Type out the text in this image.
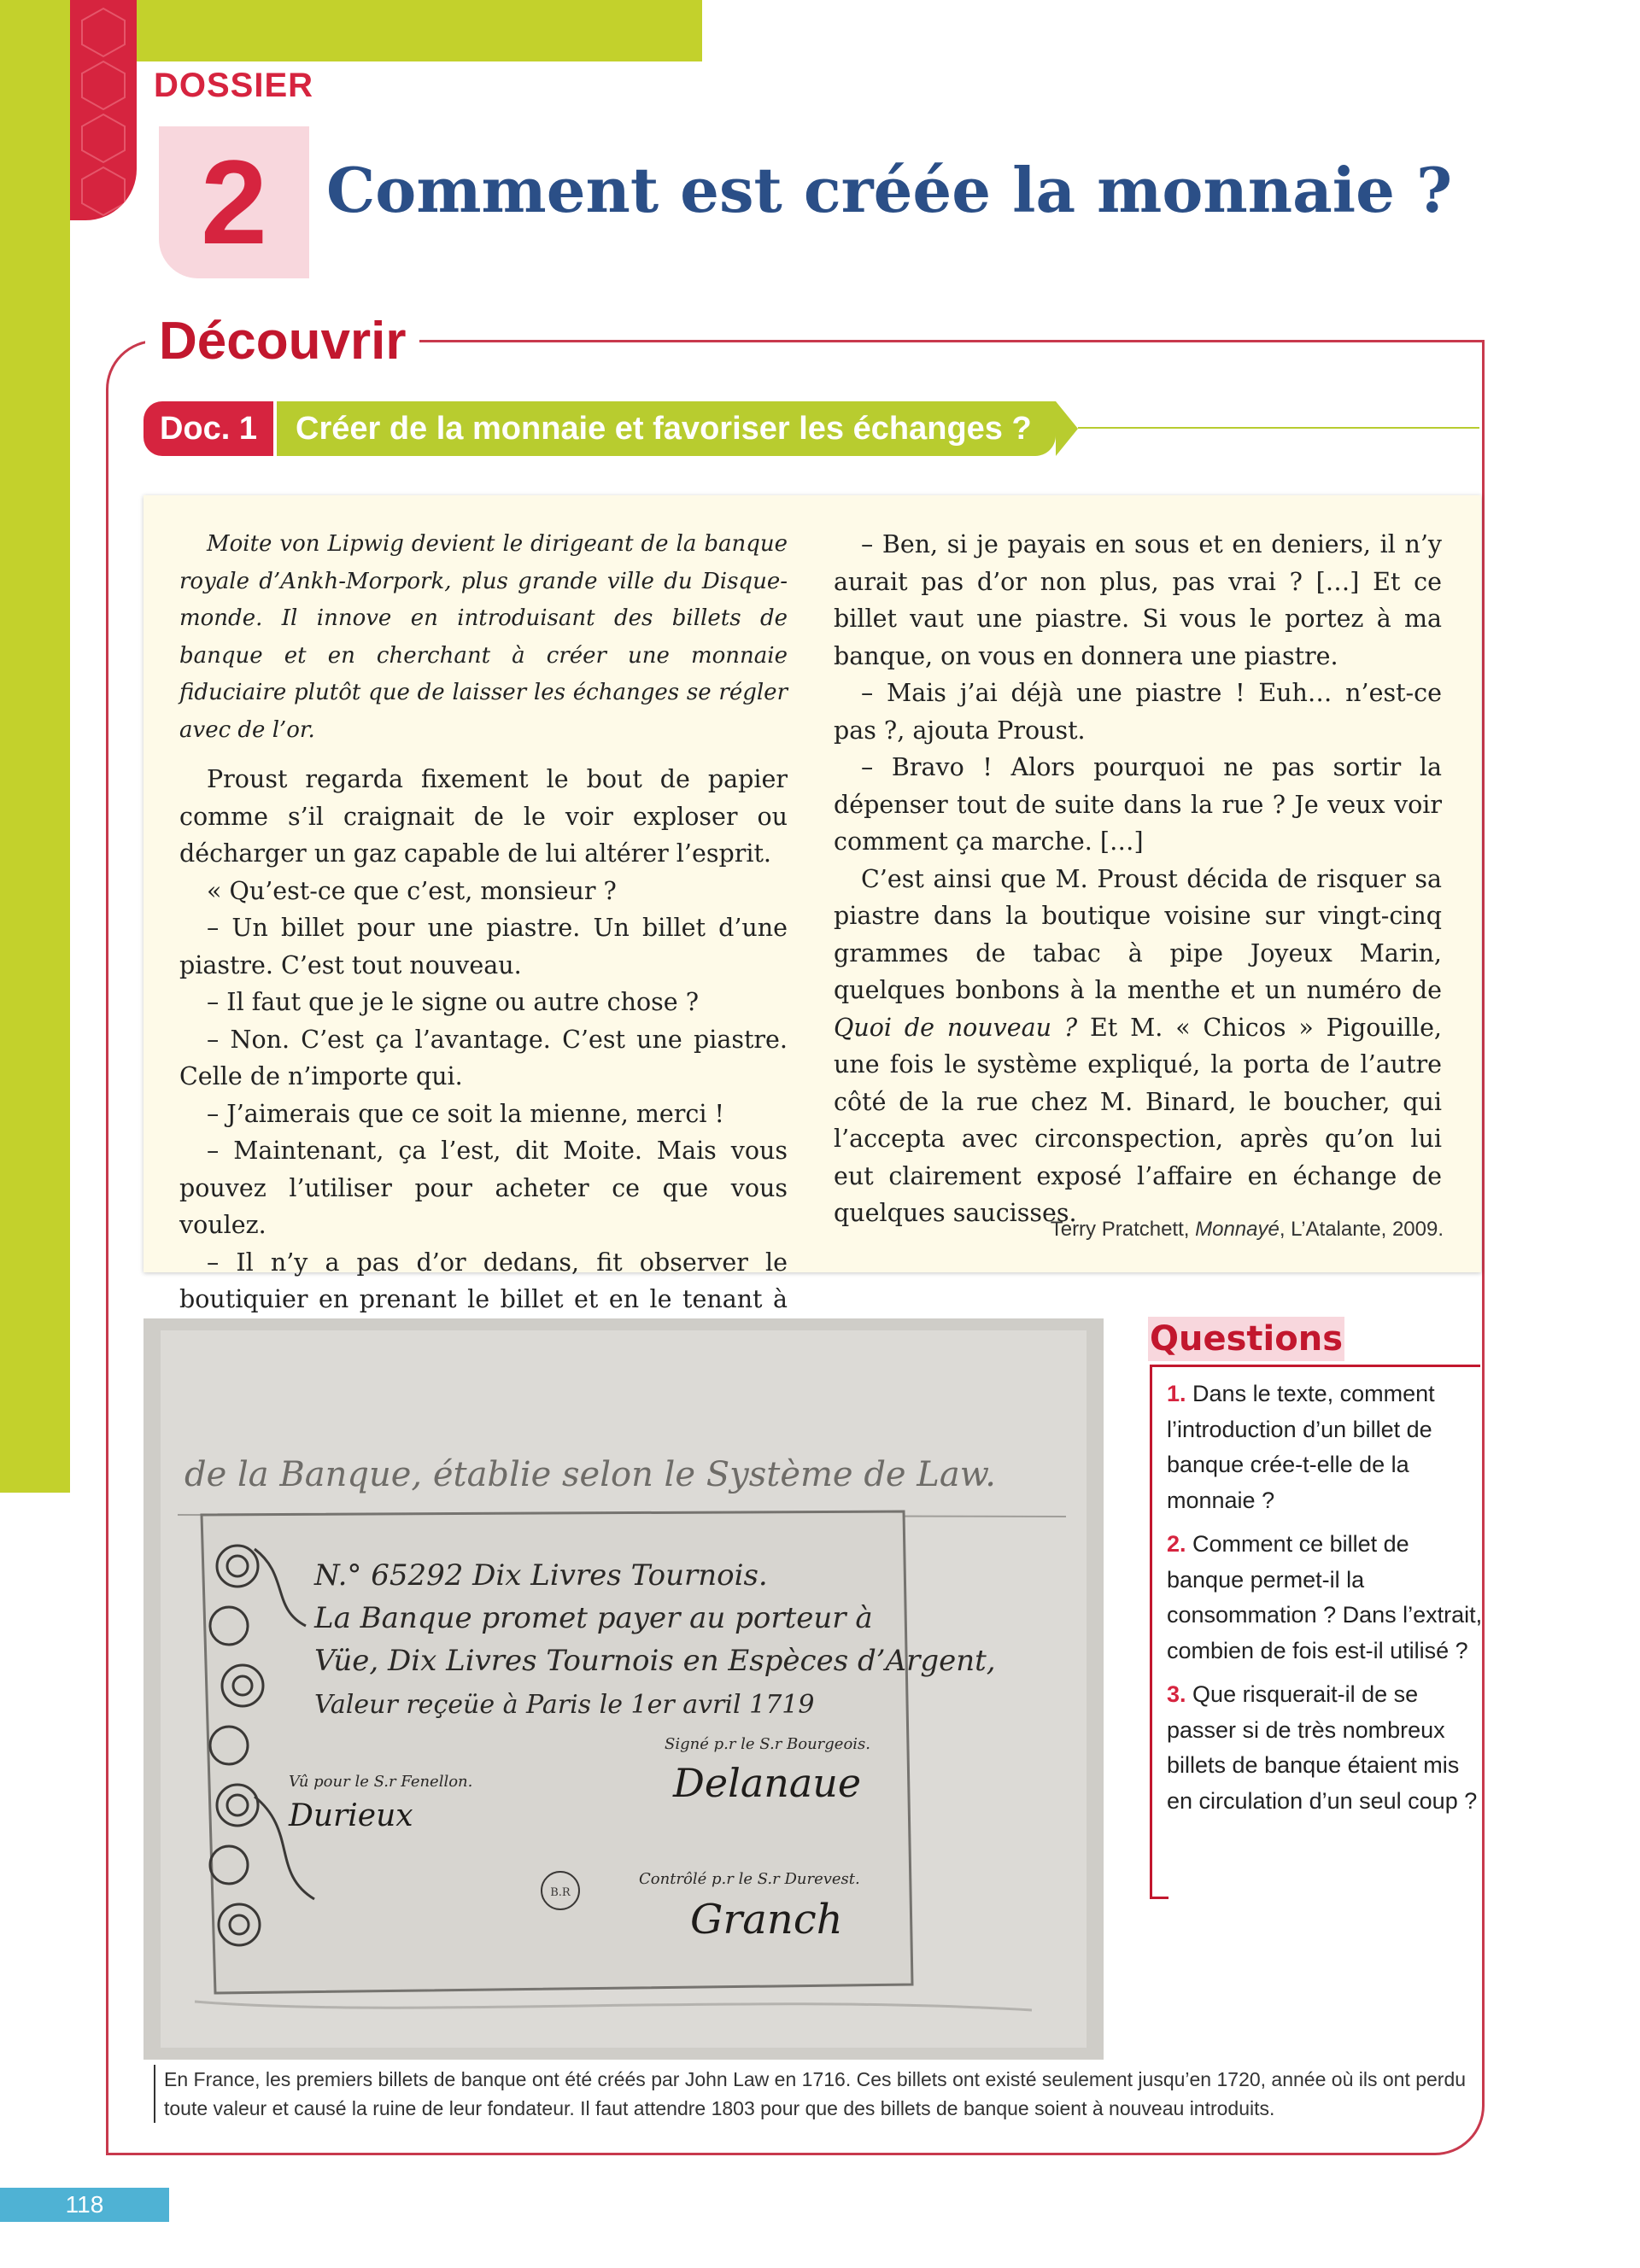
DOSSIER
2 Comment est créée la monnaie ?
Découvrir
Doc. 1	Créer de la monnaie et favoriser les échanges ?

Moite von Lipwig devient le dirigeant de la banque royale d’Ankh-Morpork, plus grande ville du Disque-monde. Il innove en introduisant des billets de banque et en cherchant à créer une monnaie fiduciaire plutôt que de laisser les échanges se régler avec de l’or.

Proust regarda fixement le bout de papier comme s’il craignait de le voir exploser ou décharger un gaz capable de lui altérer l’esprit.

« Qu’est-ce que c’est, monsieur ?

– Un billet pour une piastre. Un billet d’une piastre. C’est tout nouveau.

– Il faut que je le signe ou autre chose ?

– Non. C’est ça l’avantage. C’est une piastre. Celle de n’importe qui.

– J’aimerais que ce soit la mienne, merci !

– Maintenant, ça l’est, dit Moite. Mais vous pouvez l’utiliser pour acheter ce que vous voulez.

– Il n’y a pas d’or dedans, fit observer le boutiquier en prenant le billet et en le tenant à

– Ben, si je payais en sous et en deniers, il n’y aurait pas d’or non plus, pas vrai ? […] Et ce billet vaut une piastre. Si vous le portez à ma banque, on vous en donnera une piastre.

– Mais j’ai déjà une piastre ! Euh… n’est-ce pas ?, ajouta Proust.

– Bravo ! Alors pourquoi ne pas sortir la dépenser tout de suite dans la rue ? Je veux voir comment ça marche. […]

C’est ainsi que M. Proust décida de risquer sa piastre dans la boutique voisine sur vingt-cinq grammes de tabac à pipe Joyeux Marin, quelques bonbons à la menthe et un numéro de Quoi de nouveau ? Et M. « Chicos » Pigouille, une fois le système expliqué, la porta de l’autre côté de la rue chez M. Binard, le boucher, qui l’accepta avec circonspection, après qu’on lui eut clairement exposé l’affaire en échange de quelques saucisses.

Terry Pratchett, Monnayé, L’Atalante, 2009.
de la Banque, établie selon le Système de Law.
N.° 65292 Dix Livres Tournois.
La Banque promet payer au porteur à
Vüe, Dix Livres Tournois en Espèces d’Argent,
Valeur reçeüe à Paris le 1er avril 1719
Signé p.r le S.r Bourgeois.
Delanaue
Vû pour le S.r Fenellon.
Durieux
Contrôlé p.r le S.r Durevest.
Granch
B.R
En France, les premiers billets de banque ont été créés par John Law en 1716. Ces billets ont existé seulement jusqu’en 1720, année où ils ont perdu toute valeur et causé la ruine de leur fondateur. Il faut attendre 1803 pour que des billets de banque soient à nouveau introduits.
Questions
1. Dans le texte, comment l’introduction d’un billet de banque crée-t-elle de la monnaie ?
2. Comment ce billet de banque permet-il la consommation ? Dans l’extrait, combien de fois est-il utilisé ?
3. Que risquerait-il de se passer si de très nombreux billets de banque étaient mis en circulation d’un seul coup ?
118
